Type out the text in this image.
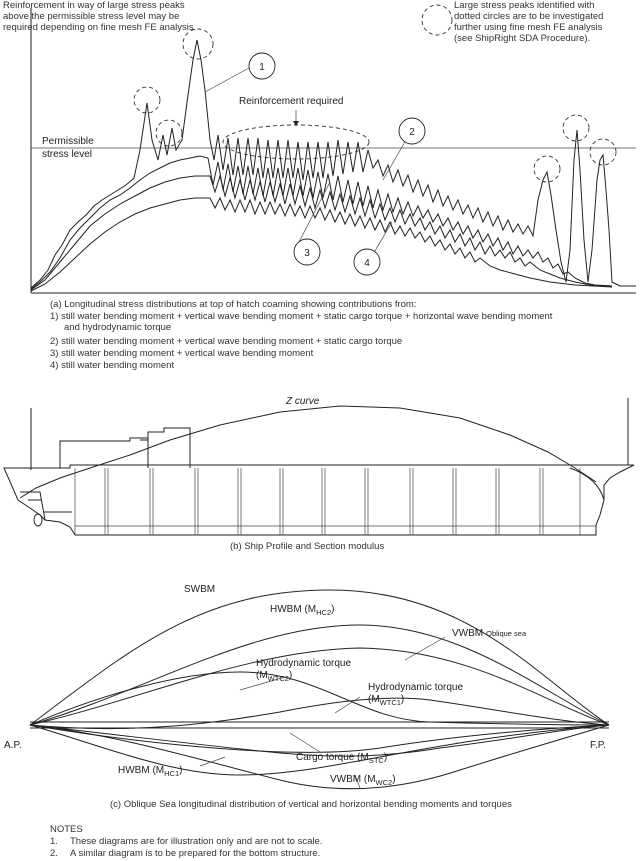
Reinforcement in way of large stress peaks
above the permissible stress level may be
required depending on fine mesh FE analysis.
Large stress peaks identified with
dotted circles are to be investigated
further using fine mesh FE analysis
(see ShipRight SDA Procedure).
1
2
3
4
Reinforcement required
Permissible
stress level
(a) Longitudinal stress distributions at top of hatch coaming showing contributions from:
1) still water bending moment + vertical wave bending moment + static cargo torque + horizontal wave bending moment
and hydrodynamic torque
2) still water bending moment + vertical wave bending moment + static cargo torque
3) still water bending moment + vertical wave bending moment
4) still water bending moment
Z curve
(b) Ship Profile and Section modulus
SWBM
HWBM $(M_{HC2})$
VWBM Oblique sea
Hydrodynamic torque
$(M_{WTC2})$
Hydrodynamic torque
$(M_{WTC1})$
A.P.	F.P.
Cargo torque $(M_{STC})$
HWBM $(M_{HC1})$
VWBM $(M_{WC2})$
(c) Oblique Sea longitudinal distribution of vertical and horizontal bending moments and torques
NOTES
1. These diagrams are for illustration only and are not to scale.
2. A similar diagram is to be prepared for the bottom structure.
